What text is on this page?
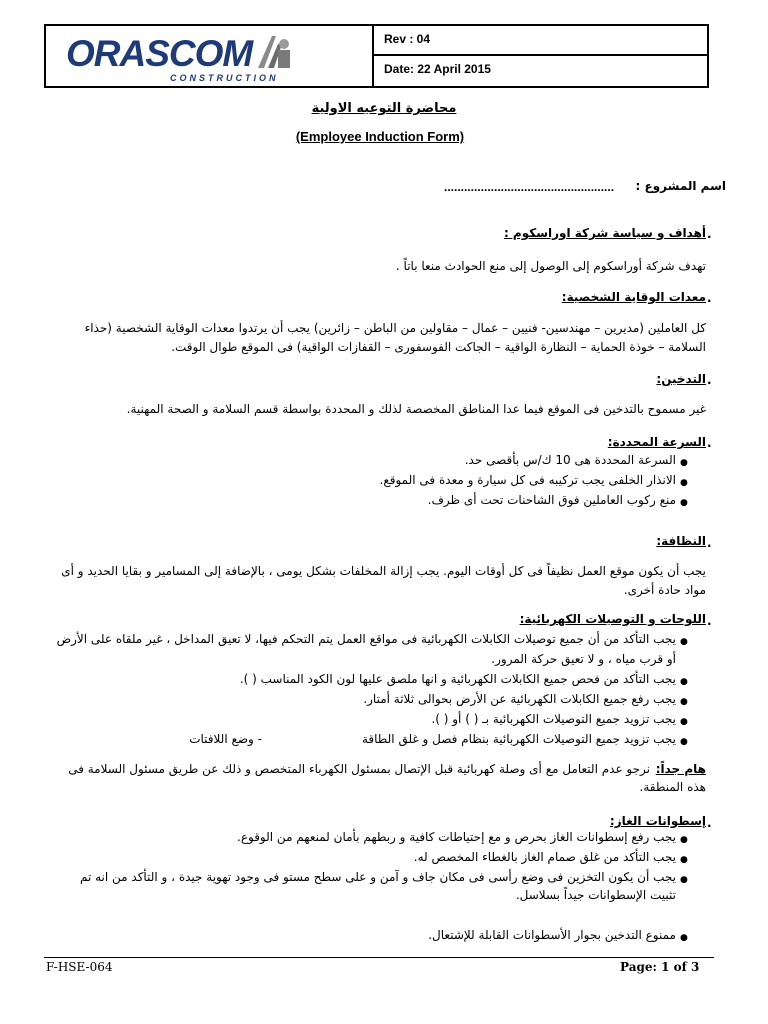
ORASCOM
CONSTRUCTION
Rev : 04
Date: 22 April 2015
محاضرة التوعيه الاولية
(Employee Induction Form)
اسم المشروع :
...................................................
.
أهداف و سياسة شركة اوراسكوم :
تهدف شركة أوراسكوم إلى الوصول إلى منع الحوادث منعا باتاً .
.
معدات الوقاية الشخصية:
كل العاملين (مديرين – مهندسين- فنيين – عمال – مقاولين من الباطن – زائرين) يجب أن يرتدوا معدات الوقاية الشخصية (حذاء
السلامة – خوذة الحماية – النظارة الواقية – الجاكت الفوسفورى – القفازات الواقية) فى الموقع طوال الوقت.
.
التدخين:
غير مسموح بالتدخين فى الموقع فيما عدا المناطق المخصصة لذلك و المحددة بواسطة قسم السلامة و الصحة المهنية.
.
السرعة المحددة:
●
السرعة المحددة هى 10 ك/س بأقصى حد.
●
الانذار الخلفى يجب تركيبه فى كل سيارة و معدة فى الموقع.
●
منع ركوب العاملين فوق الشاحنات تحت أى ظرف.
.
النظافة:
يجب أن يكون موقع العمل نظيفاً فى كل أوقات اليوم. يجب إزالة المخلفات بشكل يومى ، بالإضافة إلى المسامير و بقايا الحديد و أى
مواد حادة أخرى.
.
اللوحات و التوصيلات الكهربائية:
●
يجب التأكد من أن جميع توصيلات الكابلات الكهربائية فى مواقع العمل يتم التحكم فيها، لا تعيق المداخل ، غير ملقاه على الأرض
أو قرب مياه ، و لا تعيق حركة المرور.
●
يجب التأكد من فحص جميع الكابلات الكهربائية و انها ملصق عليها لون الكود المناسب ( ).
●
يجب رفع جميع الكابلات الكهربائية عن الأرض بحوالى ثلاثة أمتار.
●
يجب تزويد جميع التوصيلات الكهربائية بـ ( ) أو ( ).
●
يجب تزويد جميع التوصيلات الكهربائية بنظام فصل و غلق الطاقة
- وضع اللافتات
هام جداً:
نرجو عدم التعامل مع أى وصلة كهربائية قبل الإتصال بمسئول الكهرباء المتخصص و ذلك عن طريق مسئول السلامة فى
هذه المنطقة.
.
إسطوانات الغاز:
●
يجب رفع إسطوانات الغاز بحرص و مع إحتياطات كافية و ربطهم بأمان لمنعهم من الوقوع.
●
يجب التأكد من غلق صمام الغاز بالغطاء المخصص له.
●
يجب أن يكون التخزين فى وضع رأسى فى مكان جاف و آمن و على سطح مستو فى وجود تهوية جيدة ، و التأكد من انه تم
تثبيت الإسطوانات جيداً بسلاسل.
●
ممنوع التدخين بجوار الأسطوانات القابلة للإشتعال.
F-HSE-064	Page: 1 of 3
